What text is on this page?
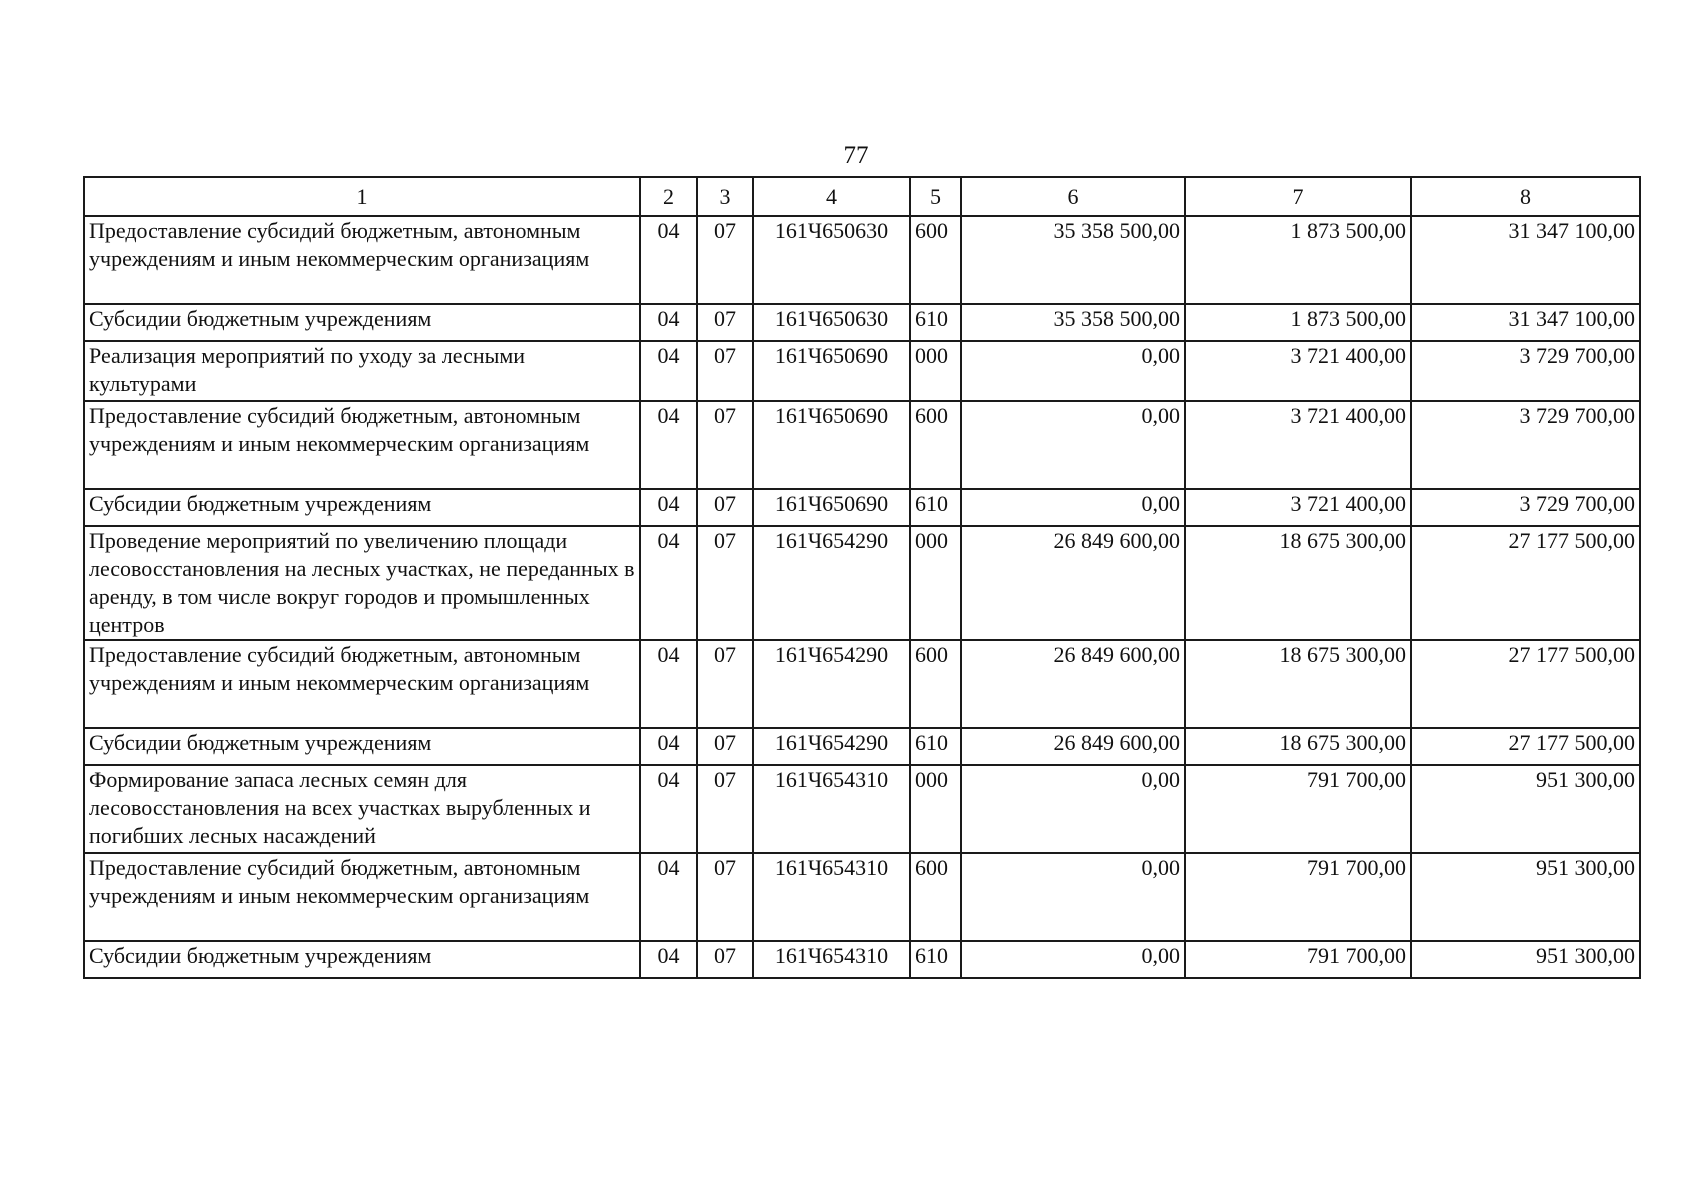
77
1	2	3	4	5	6	7	8
Предоставление субсидий бюджетным, автономным учреждениям и иным некоммерческим организациям	04	07	161Ч650630	600	35 358 500,00	1 873 500,00	31 347 100,00
Субсидии бюджетным учреждениям	04	07	161Ч650630	610	35 358 500,00	1 873 500,00	31 347 100,00
Реализация мероприятий по уходу за лесными культурами	04	07	161Ч650690	000	0,00	3 721 400,00	3 729 700,00
Предоставление субсидий бюджетным, автономным учреждениям и иным некоммерческим организациям	04	07	161Ч650690	600	0,00	3 721 400,00	3 729 700,00
Субсидии бюджетным учреждениям	04	07	161Ч650690	610	0,00	3 721 400,00	3 729 700,00
Проведение мероприятий по увеличению площади лесовосстановления на лесных участках, не переданных в аренду, в том числе вокруг городов и промышленных центров	04	07	161Ч654290	000	26 849 600,00	18 675 300,00	27 177 500,00
Предоставление субсидий бюджетным, автономным учреждениям и иным некоммерческим организациям	04	07	161Ч654290	600	26 849 600,00	18 675 300,00	27 177 500,00
Субсидии бюджетным учреждениям	04	07	161Ч654290	610	26 849 600,00	18 675 300,00	27 177 500,00
Формирование запаса лесных семян для лесовосстановления на всех участках вырубленных и погибших лесных насаждений	04	07	161Ч654310	000	0,00	791 700,00	951 300,00
Предоставление субсидий бюджетным, автономным учреждениям и иным некоммерческим организациям	04	07	161Ч654310	600	0,00	791 700,00	951 300,00
Субсидии бюджетным учреждениям	04	07	161Ч654310	610	0,00	791 700,00	951 300,00
